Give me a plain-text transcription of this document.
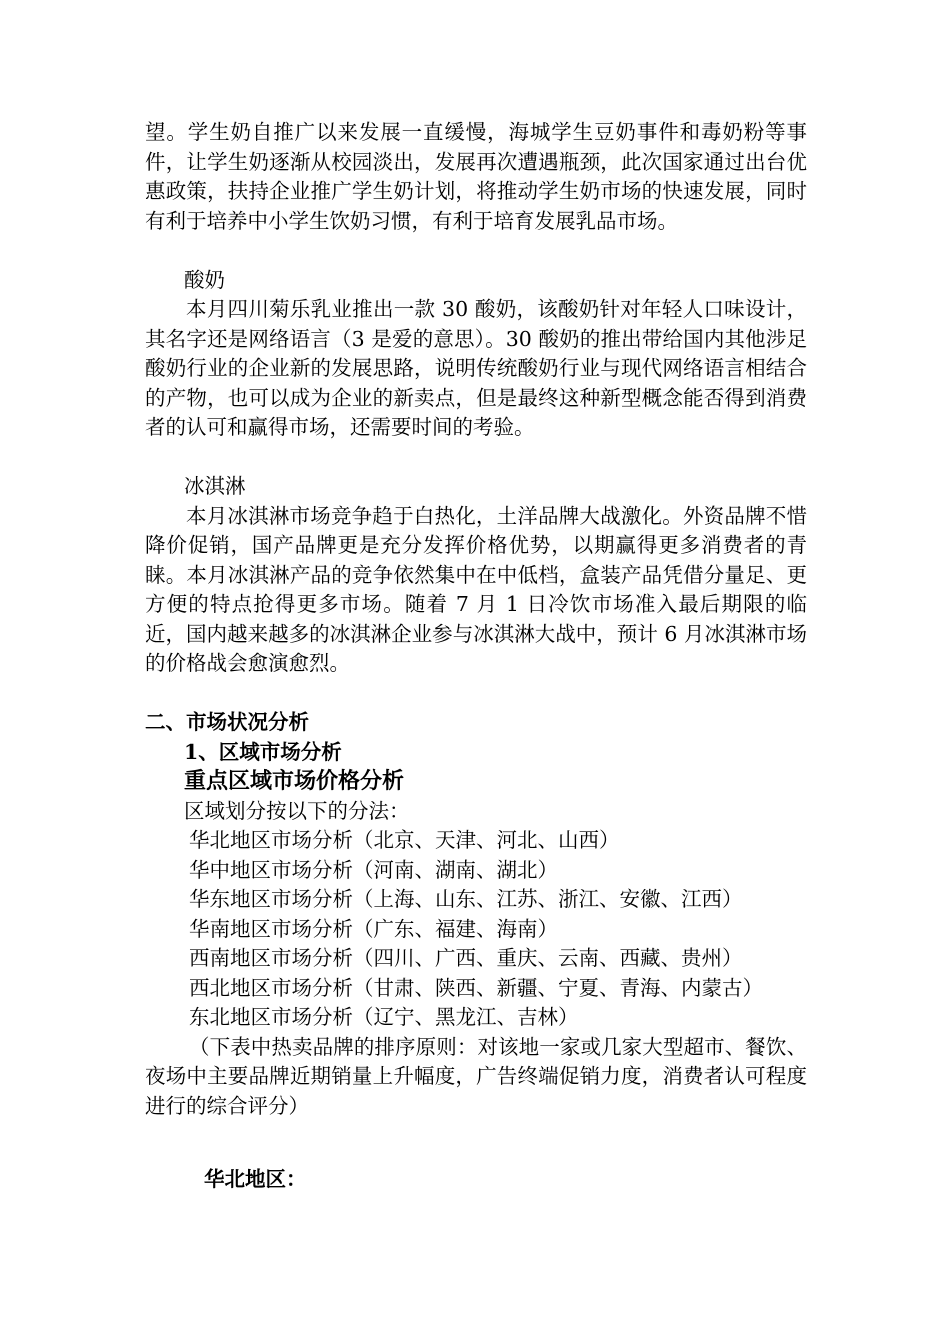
望。学生奶自推广以来发展一直缓慢，海城学生豆奶事件和毒奶粉等事件，让学生奶逐渐从校园淡出，发展再次遭遇瓶颈，此次国家通过出台优惠政策，扶持企业推广学生奶计划，将推动学生奶市场的快速发展，同时有利于培养中小学生饮奶习惯，有利于培育发展乳品市场。

酸奶

本月四川菊乐乳业推出一款 30 酸奶，该酸奶针对年轻人口味设计，其名字还是网络语言（3 是爱的意思）。30 酸奶的推出带给国内其他涉足酸奶行业的企业新的发展思路，说明传统酸奶行业与现代网络语言相结合的产物，也可以成为企业的新卖点，但是最终这种新型概念能否得到消费者的认可和赢得市场，还需要时间的考验。

冰淇淋

本月冰淇淋市场竞争趋于白热化，土洋品牌大战激化。外资品牌不惜降价促销，国产品牌更是充分发挥价格优势，以期赢得更多消费者的青睐。本月冰淇淋产品的竞争依然集中在中低档，盒装产品凭借分量足、更方便的特点抢得更多市场。随着 7 月 1 日冷饮市场准入最后期限的临近，国内越来越多的冰淇淋企业参与冰淇淋大战中，预计 6 月冰淇淋市场的价格战会愈演愈烈。

二、市场状况分析

1、区域市场分析

重点区域市场价格分析

区域划分按以下的分法：

华北地区市场分析（北京、天津、河北、山西）

华中地区市场分析（河南、湖南、湖北）

华东地区市场分析（上海、山东、江苏、浙江、安徽、江西）

华南地区市场分析（广东、福建、海南）

西南地区市场分析（四川、广西、重庆、云南、西藏、贵州）

西北地区市场分析（甘肃、陕西、新疆、宁夏、青海、内蒙古）

东北地区市场分析（辽宁、黑龙江、吉林）

（下表中热卖品牌的排序原则：对该地一家或几家大型超市、餐饮、夜场中主要品牌近期销量上升幅度，广告终端促销力度，消费者认可程度进行的综合评分）

华北地区：
